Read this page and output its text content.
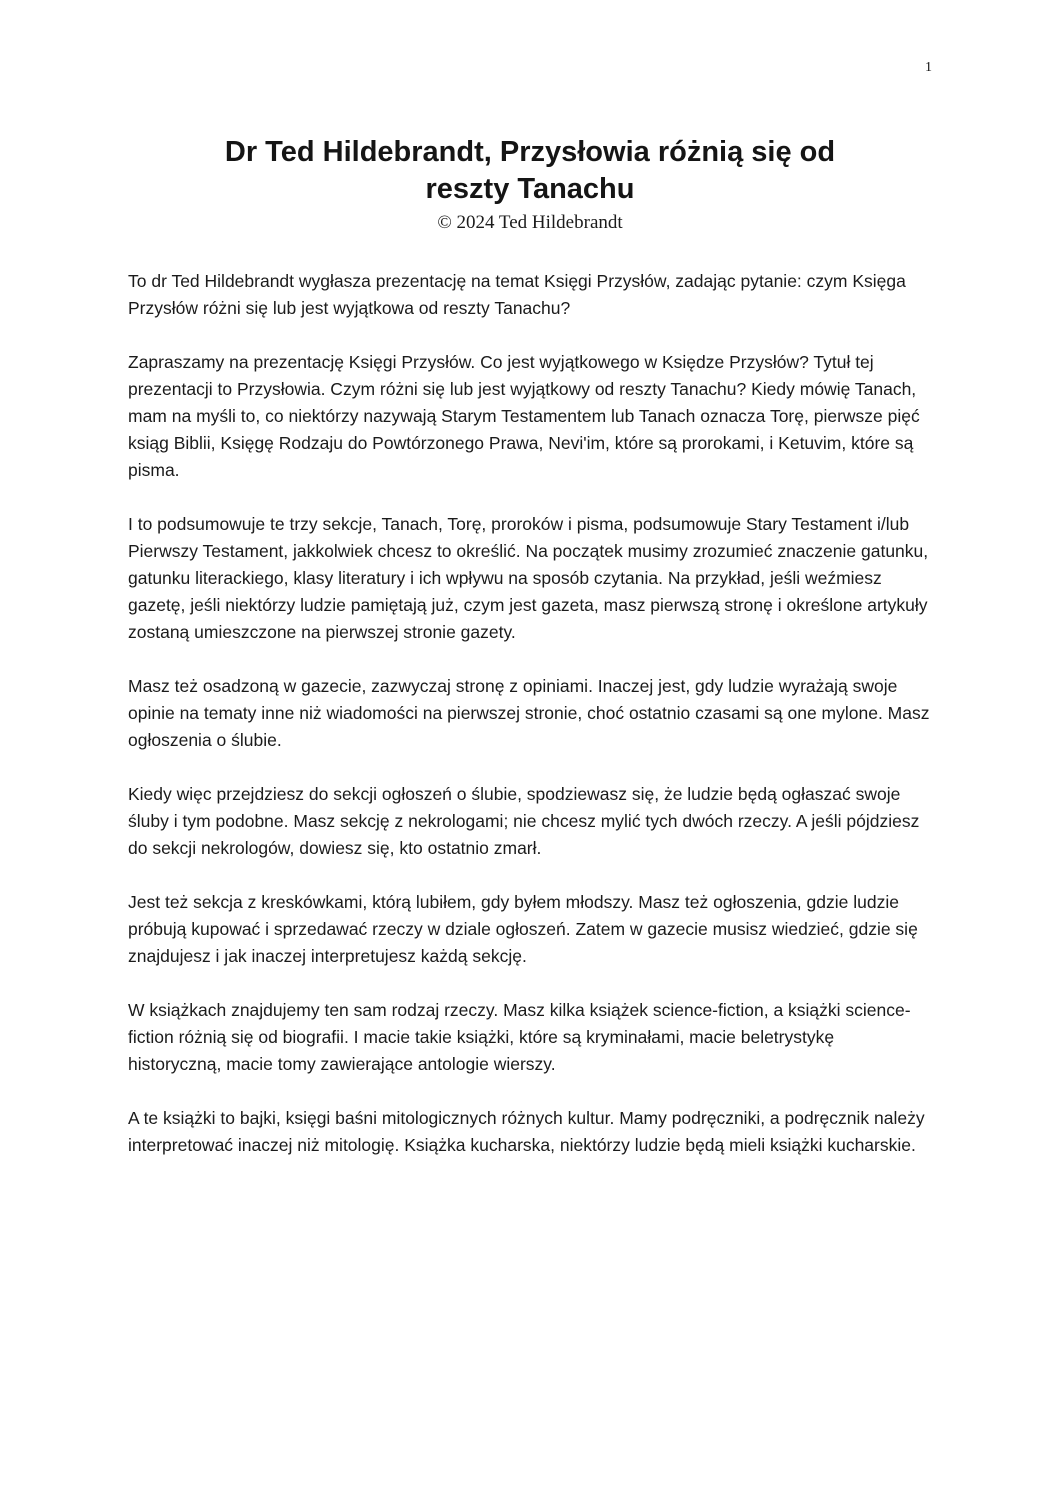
1
Dr Ted Hildebrandt, Przysłowia różnią się od
reszty Tanachu
© 2024 Ted Hildebrandt

To dr Ted Hildebrandt wygłasza prezentację na temat Księgi Przysłów, zadając pytanie: czym Księga Przysłów różni się lub jest wyjątkowa od reszty Tanachu?

Zapraszamy na prezentację Księgi Przysłów. Co jest wyjątkowego w Księdze Przysłów? Tytuł tej prezentacji to Przysłowia. Czym różni się lub jest wyjątkowy od reszty Tanachu? Kiedy mówię Tanach, mam na myśli to, co niektórzy nazywają Starym Testamentem lub Tanach oznacza Torę, pierwsze pięć ksiąg Biblii, Księgę Rodzaju do Powtórzonego Prawa, Nevi'im, które są prorokami, i Ketuvim, które są pisma.

I to podsumowuje te trzy sekcje, Tanach, Torę, proroków i pisma, podsumowuje Stary Testament i/lub Pierwszy Testament, jakkolwiek chcesz to określić. Na początek musimy zrozumieć znaczenie gatunku, gatunku literackiego, klasy literatury i ich wpływu na sposób czytania. Na przykład, jeśli weźmiesz gazetę, jeśli niektórzy ludzie pamiętają już, czym jest gazeta, masz pierwszą stronę i określone artykuły zostaną umieszczone na pierwszej stronie gazety.

Masz też osadzoną w gazecie, zazwyczaj stronę z opiniami. Inaczej jest, gdy ludzie wyrażają swoje opinie na tematy inne niż wiadomości na pierwszej stronie, choć ostatnio czasami są one mylone. Masz ogłoszenia o ślubie.

Kiedy więc przejdziesz do sekcji ogłoszeń o ślubie, spodziewasz się, że ludzie będą ogłaszać swoje śluby i tym podobne. Masz sekcję z nekrologami; nie chcesz mylić tych dwóch rzeczy. A jeśli pójdziesz do sekcji nekrologów, dowiesz się, kto ostatnio zmarł.

Jest też sekcja z kreskówkami, którą lubiłem, gdy byłem młodszy. Masz też ogłoszenia, gdzie ludzie próbują kupować i sprzedawać rzeczy w dziale ogłoszeń. Zatem w gazecie musisz wiedzieć, gdzie się znajdujesz i jak inaczej interpretujesz każdą sekcję.

W książkach znajdujemy ten sam rodzaj rzeczy. Masz kilka książek science-fiction, a książki science-fiction różnią się od biografii. I macie takie książki, które są kryminałami, macie beletrystykę historyczną, macie tomy zawierające antologie wierszy.

A te książki to bajki, księgi baśni mitologicznych różnych kultur. Mamy podręczniki, a podręcznik należy interpretować inaczej niż mitologię. Książka kucharska, niektórzy ludzie będą mieli książki kucharskie.
